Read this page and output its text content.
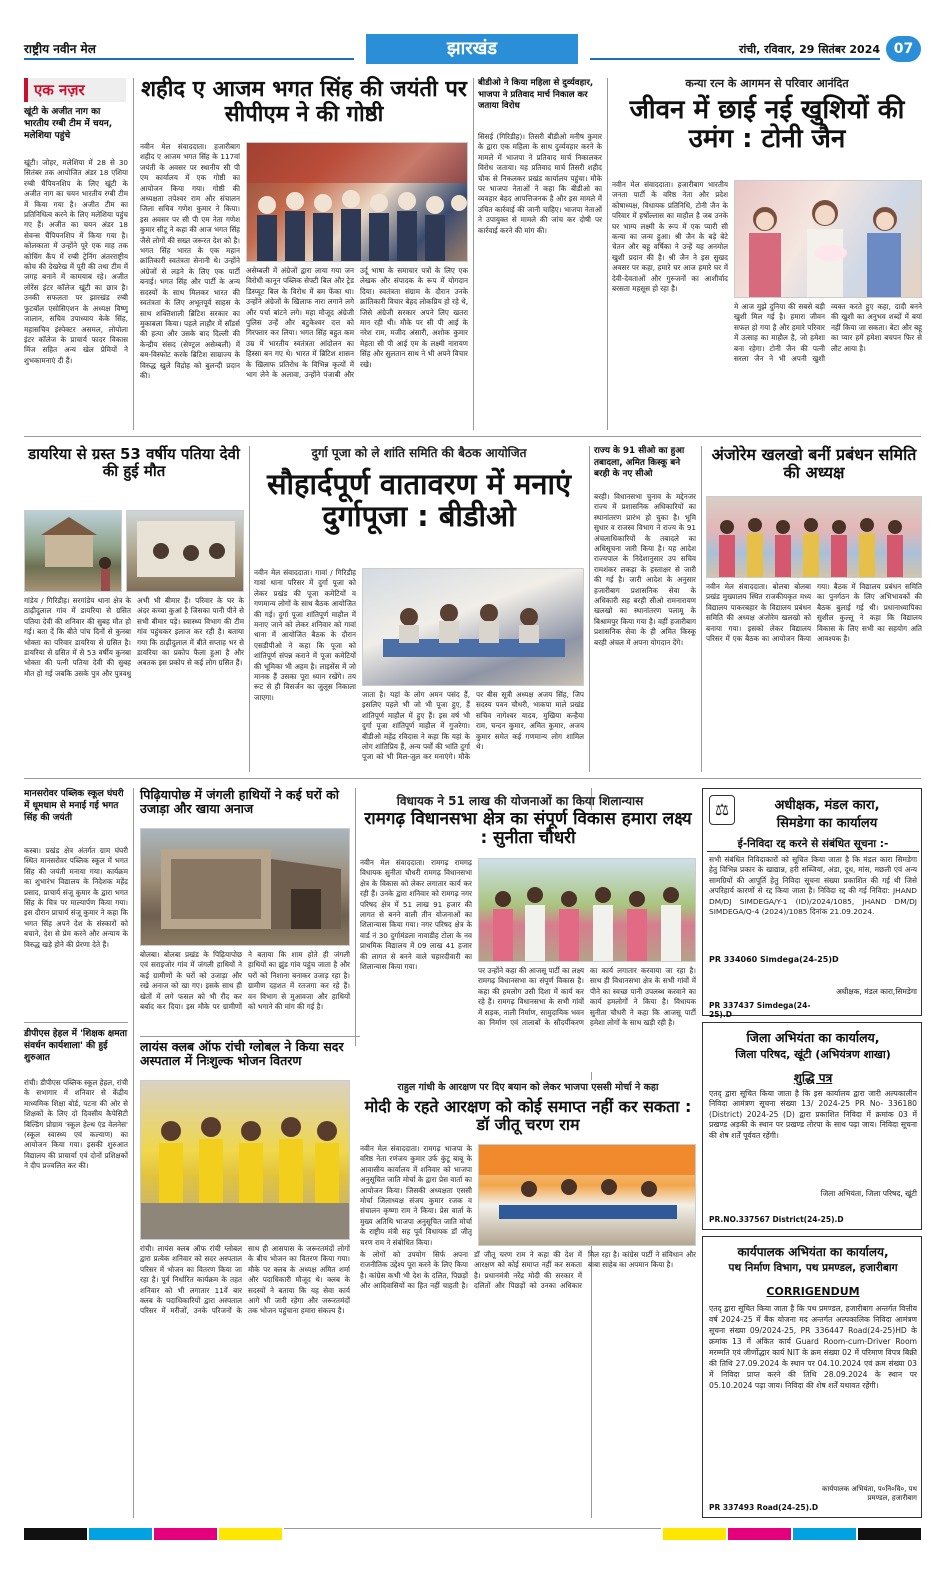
राष्ट्रीय नवीन मेल	झारखंड	रांची, रविवार, 29 सितंबर 2024 07
एक नज़र
खूंटी के अजीत नाग का भारतीय रग्बी टीम में चयन, मलेशिया पहुंचे
खूंटी। जोहर, मलेशिया में 28 से 30 सितंबर तक आयोजित अंडर 18 एशिया रग्बी चैंपियनशिप के लिए खूंटी के अजीत नाग का चयन भारतीय रग्बी टीम में किया गया है। अजीत टीम का प्रतिनिधित्व करने के लिए मलेशिया पहुंच गए हैं। अजीत का चयन अंडर 18 सेवन्स चैंपियनशिप में किया गया है। कोलकाता में उन्होंने पूरे एक माह तक कोचिंग कैंप में रग्बी ट्रेनिंग अंतरराष्ट्रीय कोच की देखरेख में पूरी की तथा टीम में जगह बनाने में कामयाब रहे। अजीत लोरेंस इंटर कॉलेज खूंटी का छात्र है। उनकी सफलता पर झारखंड रग्बी फुटबॉल एसोसिएशन के अध्यक्ष विष्णु जालान, सचिव उपाध्याय केके सिंह, महासचिव इंस्पेक्टर असमल, लोयोला इंटर कॉलेज के प्राचार्य फादर विकास मिंज सहित अन्य खेल प्रेमियों ने शुभकामनाएं दी हैं।
शहीद ए आजम भगत सिंह की जयंती पर सीपीएम ने की गोष्ठी
नवीन मेल संवाददाता। हजारीबाग शहीद ए आजम भगत सिंह के 117वां जयंती के अवसर पर स्थानीय सी पी एम कार्यालय में एक गोष्ठी का आयोजन किया गया। गोष्ठी की अध्यक्षता तपेश्वर राम और संचालन जिला सचिव गणेश कुमार ने किया। इस अवसर पर सी पी एम नेता गणेश कुमार सीटू ने कहा की आज भगत सिंह जैसे लोगों की सख्त जरूरत देश को है। भगत सिंह भारत के एक महान क्रांतिकारी स्वतंत्रता सेनानी थे। उन्होंने अंग्रेजों से लड़ने के लिए एक पार्टी बनाई। भगत सिंह और पार्टी के अन्य सदस्यों के साथ मिलकर भारत की स्वतंत्रता के लिए अभूतपूर्व साहस के साथ शक्तिशाली ब्रिटिश सरकार का मुकाबला किया। पहले लाहौर में साँडर्स की हत्या और उसके बाद दिल्ली की केन्द्रीय संसद (सेण्ट्रल असेम्बली) में बम-विस्फोट करके ब्रिटिश साम्राज्य के विरुद्ध खुले विद्रोह को बुलन्दी प्रदान की।
असेम्बली में अंग्रेजों द्वारा लाया गया जन विरोधी कानून पब्लिक सेफ्टी बिल और ट्रेड डिस्प्यूट बिल के विरोध में बम फेंका था। उन्होंने अंग्रेजों के खिलाफ नारा लगाने लगे और पर्चा बांटने लगे। महा मौजूद अंग्रेजी पुलिस उन्हें और बटुकेश्वर दत्त को गिरफ्तार कर लिया। भगत सिंह बहुत कम उम्र में भारतीय स्वतंत्रता आंदोलन का हिस्सा बन गए थे। भारत में ब्रिटिश शासन के खिलाफ प्रतिरोध के विभिन्न कृत्यों में भाग लेने के अलावा, उन्होंने पंजाबी और उर्दू भाषा के समाचार पत्रों के लिए एक लेखक और संपादक के रूप में योगदान दिया। स्वतंत्रता संग्राम के दौरान उनके क्रांतिकारी विचार बेहद लोकप्रिय हो रहे थे, जिसे अंग्रेजी सरकार अपने लिए खतरा मान रही थी। मौके पर सी पी आई के नरेश राम, मजीद अंसारी, अशोक कुमार मेहता सी पी आई एम के लक्ष्मी नारायण सिंह और सुलतान साथ ने भी अपने विचार रखे।
बीडीओ ने किया महिला से दुर्व्यवहार, भाजपा ने प्रतिवाद मार्च निकाल कर जताया विरोध
सिसई (गिरिडीह)। तिसरी बीडीओ मनीष कुमार के द्वारा एक महिला के साथ दुर्व्यवहार करने के मामले में भाजपा ने प्रतिवाद मार्च निकालकर विरोध जताया। यह प्रतिवाद मार्च तिसरी शहीद चौक से निकलकर प्रखंड कार्यालय पहुंचा। मौके पर भाजपा नेताओं ने कहा कि बीडीओ का व्यवहार बेहद आपत्तिजनक है और इस मामले में उचित कार्रवाई की जानी चाहिए। भाजपा नेताओं ने उपायुक्त से मामले की जांच कर दोषी पर कार्रवाई करने की मांग की।
कन्या रत्न के आगमन से परिवार आनंदित
जीवन में छाई नई खुशियों की उमंग : टोनी जैन
नवीन मेल संवाददाता। हजारीबाग भारतीय जनता पार्टी के वरिष्ठ नेता और प्रदेश कोषाध्यक्ष, विधायक प्रतिनिधि, टोनी जैन के परिवार में हर्षोल्लास का माहौल है जब उनके घर भाग्य लक्ष्मी के रूप में एक प्यारी सी कन्या का जन्म हुआ। श्री जैन के बड़े बेटे चेतन और बहू वर्षिका ने उन्हें यह अनमोल खुशी प्रदान की है। श्री जैन ने इस सुखद अवसर पर कहा, हमारे घर आज हमारे घर में देवी-देवताओं और गुरुजनों का आशीर्वाद बरसता महसूस हो रहा है।
मे आज मुझे दुनिया की सबसे बड़ी खुशी मिल गई है। हमारा जीवन सफल हो गया है और हमारे परिवार में उत्साह का माहौल है, जो हमेशा बना रहेगा। टोनी जैन की पत्नी सरला जैन ने भी अपनी खुशी व्यक्त करते हुए कहा, दादी बनने की खुशी का अनुभव शब्दों में बयां नहीं किया जा सकता। बेटा और बहू का प्यार हमें हमेशा बचपन फिर से लौट आया है।
डायरिया से ग्रस्त 53 वर्षीय पतिया देवी की हुई मौत
गांडेय / गिरिडीह। सरगांडेय थाना क्षेत्र के ठाढ़ीदुलाल गांव में डायरिया से ग्रसित पतिया देवी की शनिवार की सुबह मौत हो गई। बता दें कि बीते पांच दिनों से कुनबा भोक्ता का परिवार डायरिया से ग्रसित है। डायरिया से ग्रसित में से 53 वर्षीय कुनबा भोक्ता की पत्नी पतिया देवी की सुबह मौत हो गई जबकि उसके पुत्र और पुत्रवधु अभी भी बीमार हैं। परिवार के घर के अंदर कच्चा कुआं है जिसका पानी पीने से सभी बीमार पड़े। स्वास्थ्य विभाग की टीम गांव पहुंचकर इलाज कर रही है। बताया गया कि ठाढ़ीदुलाल में बीते सप्ताह भर से डायरिया का प्रकोप फैला हुआ है और अबतक इस प्रकोप से कई लोग ग्रसित हैं।
दुर्गा पूजा को ले शांति समिति की बैठक आयोजित
सौहार्दपूर्ण वातावरण में मनाएं दुर्गापूजा : बीडीओ
नवीन मेल संवाददाता। गावां / गिरिडीह गावां थाना परिसर में दुर्गा पूजा को लेकर प्रखंड की पूजा कमेटियों व गणमान्य लोगों के साथ बैठक आयोजित की गई। दुर्गा पूजा शांतिपूर्ण माहौल में मनाए जाने को लेकर शनिवार को गावां थाना में आयोजित बैठक के दौरान एसडीपीओ ने कहा कि पूजा को शांतिपूर्ण संपन्न कराने में पूजा कमेटियों की भूमिका भी अहम है। लाइसेंस में जो मानक हैं उसका पूरा ध्यान रखेंगे। तय रूट से ही विसर्जन का जुलूस निकाला जाएगा।	जाता है। यहां के लोग अमन पसंद हैं, इसलिए पहले भी जो भी पूजा हुए, हैं शांतिपूर्ण माहौल में हुए हैं। इस वर्ष भी दुर्गा पूजा शांतिपूर्ण माहौल में गुजरेगा। बीडीओ महेंद्र रविदास ने कहा कि यहां के लोग शांतिप्रिय हैं, अन्य पर्वों की भांति दुर्गा पूजा को भी मिल-जुल कर मनाएंगे। मौके पर बीस सूत्री अध्यक्ष अजय सिंह, जिप सदस्य पवन चौधरी, भाकपा माले प्रखंड सचिव नागेश्वर यादव, मुखिया कन्हैया राम, चन्दन कुमार, अमित कुमार, अजय कुमार समेत कई गणमान्य लोग शामिल थे।
राज्य के 91 सीओ का हुआ तबादला, अमित किस्कू बने बरही के नए सीओ
बरही। विधानसभा चुनाव के मद्देनजर राज्य में प्रशासनिक अधिकारियों का स्थानांतरण प्रारंभ हो चुका है। भूमि सुधार व राजस्व विभाग ने राज्य के 91 अंचलाधिकारियों के तबादले का अधिसूचना जारी किया है। यह आदेश राज्यपाल के निदेशानुसार उप सचिव रामशंकर लकड़ा के हस्ताक्षर से जारी की गई है। जारी आदेश के अनुसार हजारीबाग प्रशासनिक सेवा के अधिकारी सह बरही सीओ रामनारायण खलखो का स्थानांतरण पलामू के बिश्रामपुर किया गया है। वहीं हजारीबाग प्रशासनिक सेवा के ही अमित किस्कू बरही अंचल में अपना योगदान देंगे।
अंजोरेम खलखो बनीं प्रबंधन समिति की अध्यक्ष
नवीन मेल संवाददाता। बोलबा बोलबा प्रखंड मुख्यालय स्थित राजकीयकृत मध्य विद्यालय पाकरबहार के विद्यालय प्रबंधन समिति की अध्यक्ष अंजोरेम खलखो को बनाया गया। इसको लेकर विद्यालय परिसर में एक बैठक का आयोजन किया गया। बैठक में विद्यालय प्रबंधन समिति का पुनर्गठन के लिए अभिभावकों की बैठक बुलाई गई थी। प्रधानाध्यापिका सुशील कुल्लू ने कहा कि विद्यालय विकास के लिए सभी का सहयोग अति आवश्यक है।
मानसरोवर पब्लिक स्कूल घंघरी में धूमधाम से मनाई गई भगत सिंह की जयंती
कस्बा। प्रखंड क्षेत्र अंतर्गत ग्राम घंघरी स्थित मानसरोवर पब्लिक स्कूल में भगत सिंह की जयंती मनाया गया। कार्यक्रम का शुभारंभ विद्यालय के निदेशक महेंद्र प्रसाद, प्राचार्य संजू कुमार के द्वारा भगत सिंह के चित्र पर माल्यार्पण किया गया। इस दौरान प्राचार्य संजू कुमार ने कहा कि भगत सिंह अपने देश के संस्कारों को बचाने, देश से प्रेम करने और अन्याय के विरुद्ध खड़े होने की प्रेरणा देते हैं।
डीपीएस हेहल में 'शिक्षक क्षमता संवर्धन कार्यशाला' की हुई शुरुआत
रांची। डीपीएस पब्लिक स्कूल हेहल, रांची के सभागार में शनिवार से केंद्रीय माध्यमिक शिक्षा बोर्ड, पटना की ओर से शिक्षकों के लिए दो दिवसीय कैपेसिटी बिल्डिंग प्रोग्राम 'स्कूल हेल्थ एंड वेलनेस' (स्कूल स्वास्थ्य एवं कल्याण) का आयोजन किया गया। इसकी शुरुआत विद्यालय की प्राचार्या एवं दोनों प्रशिक्षकों ने दीप प्रज्वलित कर की।
पिढ़ियापोछ में जंगली हाथियों ने कई घरों को उजाड़ा और खाया अनाज
बोलबा। बोलबा प्रखंड के पिढ़ियापोछ एवं सराइजोर गांव में जंगली हाथियों ने कई ग्रामीणों के घरों को उजाड़ा और रखे अनाज को खा गए। इसके साथ ही खेतों में लगे फसल को भी रौंद कर बर्बाद कर दिया। इस मौके पर ग्रामीणों ने बताया कि शाम होते ही जंगली हाथियों का झुंड गांव पहुंच जाता है और घरों को निशाना बनाकर उजाड़ रहा है। ग्रामीण दहशत में रतजगा कर रहे हैं। वन विभाग से मुआवजा और हाथियों को भगाने की मांग की गई है।
लायंस क्लब ऑफ रांची ग्लोबल ने किया सदर अस्पताल में निःशुल्क भोजन वितरण
रांची। लायंस क्लब ऑफ रांची ग्लोबल द्वारा प्रत्येक शनिवार को सदर अस्पताल परिसर में भोजन का वितरण किया जा रहा है। पूर्व निर्धारित कार्यक्रम के तहत शनिवार को भी लगातार 11वें बार क्लब के पदाधिकारियों द्वारा अस्पताल परिसर में मरीजों, उनके परिजनों के साथ ही आसपास के जरूरतमंदों लोगों के बीच भोजन का वितरण किया गया। मौके पर क्लब के अध्यक्ष अमित शर्मा और पदाधिकारी मौजूद थे। क्लब के सदस्यों ने बताया कि यह सेवा कार्य आगे भी जारी रहेगा और जरूरतमंदों तक भोजन पहुंचाना हमारा संकल्प है।
विधायक ने 51 लाख की योजनाओं का किया शिलान्यास	⚖	अधीक्षक, मंडल कारा,
सिमडेगा का कार्यालय
ई-निविदा रद्द करने से संबंधित सूचना :-
सभी संबंधित निविदाकारों को सूचित किया जाता है कि मंडल कारा सिमडेगा हेतु विभिन्न प्रकार के खाद्यान्न, हरी सब्जियां, अंडा, दूध, मांस, मछली एवं अन्य सामग्रियों की आपूर्ति हेतु निविदा सूचना संख्या प्रकाशित की गई थी जिसे अपरिहार्य कारणों से रद्द किया जाता है। निविदा रद्द की गई निविदा: JHAND DM/DJ SIMDEGA/Y-1 (ID)/2024/1085, JHAND DM/DJ SIMDEGA/Q-4 (2024)/1085 दिनांक 21.09.2024.
PR 334060 Simdega(24-25)D
अधीक्षक, मंडल कारा,सिमडेगा
PR 337437 Simdega(24-25).D
जिला अभियंता का कार्यालय,
जिला परिषद, खूंटी (अभियंत्रण शाखा)
शुद्धि पत्र
एतद् द्वारा सूचित किया जाता है कि इस कार्यालय द्वारा जारी अल्पकालीन निविदा आमंत्रण सूचना संख्या 13/ 2024-25 PR No- 336180 (District) 2024-25 (D) द्वारा प्रकाशित निविदा में क्रमांक 03 में प्रखण्ड अड़की के स्थान पर प्रखण्ड तोरपा के साथ पढ़ा जाय। निविदा सूचना की शेष शर्तें पूर्ववत रहेंगी।
जिला अभियंता, जिला परिषद, खूंटी
PR.NO.337567 District(24-25).D
कार्यपालक अभियंता का कार्यालय,
पथ निर्माण विभाग, पथ प्रमण्डल, हजारीबाग
CORRIGENDUM
एतद् द्वारा सूचित किया जाता है कि पथ प्रमण्डल, हजारीबाग अन्तर्गत वित्तीय वर्ष 2024-25 में बैंक योजना मद अन्तर्गत अल्पकालिक निविदा आमंत्रण सूचना संख्या 09/2024-25, PR 336447 Road(24-25)HD के क्रमांक 13 में अंकित कार्य Guard Room-cum-Driver Room मरम्मति एवं जीर्णोद्धार कार्य NIT के क्रम संख्या 02 में परिमाण विपत्र बिक्री की तिथि 27.09.2024 के स्थान पर 04.10.2024 एवं क्रम संख्या 03 में निविदा प्राप्त करने की तिथि 28.09.2024 के स्थान पर 05.10.2024 पढ़ा जाय। निविदा की शेष शर्तें यथावत रहेंगी।
कार्यपालक अभियंता, प०नि०वि०, पथ प्रमण्डल, हजारीबाग
PR 337493 Road(24-25).D
रामगढ़ विधानसभा क्षेत्र का संपूर्ण विकास हमारा लक्ष्य : सुनीता चौधरी
नवीन मेल संवाददाता। रामगढ़ रामगढ़ विधायक सुनीता चौधरी रामगढ़ विधानसभा क्षेत्र के विकास को लेकर लगातार कार्य कर रही हैं। उनके द्वारा शनिवार को रामगढ़ नगर परिषद क्षेत्र में 51 लाख 91 हजार की लागत से बनने वाली तीन योजनाओं का शिलान्यास किया गया। नगर परिषद क्षेत्र के वार्ड नं 30 दुर्गामंडला नावाडीह टोला के नव प्राथमिक विद्यालय में 09 लाख 41 हजार की लागत से बनने वाले चहारदीवारी का शिलान्यास किया गया।	पर उन्होंने कहा की आजसू पार्टी का लक्ष्य रामगढ़ विधानसभा का संपूर्ण विकास है। कहा की हमलोग उसी दिशा में कार्य कर रहे हैं। रामगढ़ विधानसभा के सभी गांवों में सड़क, नाली निर्माण, सामुदायिक भवन का निर्माण एवं तालाबों के सौंदर्यीकरण का कार्य लगातार करवाया जा रहा है। साथ ही विधानसभा क्षेत्र के सभी गांवों में पीने का स्वच्छ पानी उपलब्ध करवाने का कार्य हमलोगों ने किया है। विधायक सुनीता चौधरी ने कहा कि आजसू पार्टी हमेशा लोगों के साथ खड़ी रही है।
राहुल गांधी के आरक्षण पर दिए बयान को लेकर भाजपा एससी मोर्चा ने कहा
मोदी के रहते आरक्षण को कोई समाप्त नहीं कर सकता : डॉ जीतू चरण राम
नवीन मेल संवाददाता। रामगढ़ भाजपा के वरिष्ठ नेता रणंजय कुमार उर्फ कुंटू बाबू के आवासीय कार्यालय में शनिवार को भाजपा अनुसूचित जाति मोर्चा के द्वारा प्रेस वार्ता का आयोजन किया। जिसकी अध्यक्षता एससी मोर्चा जिलाध्यक्ष संजय कुमार रजक व संचालन कृष्णा राम ने किया। प्रेस वार्ता के मुख्य अतिथि भाजपा अनुसूचित जाति मोर्चा के राष्ट्रीय मंत्री सह पूर्व विधायक डॉ जीतू चरण राम ने संबोधित किया।
के लोगों को उपयोग सिर्फ अपना राजनीतिक उद्देश्य पूरा करने के लिए किया है। कांग्रेस कभी भी देश के दलित, पिछड़ों और आदिवासियों का हित नहीं चाहती है। डॉ जीतू चरण राम ने कहा की देश में आरक्षण को कोई समाप्त नहीं कर सकता है। प्रधानमंत्री नरेंद्र मोदी की सरकार में दलितों और पिछड़ों को उनका अधिकार मिल रहा है। कांग्रेस पार्टी ने संविधान और बाबा साहेब का अपमान किया है।
